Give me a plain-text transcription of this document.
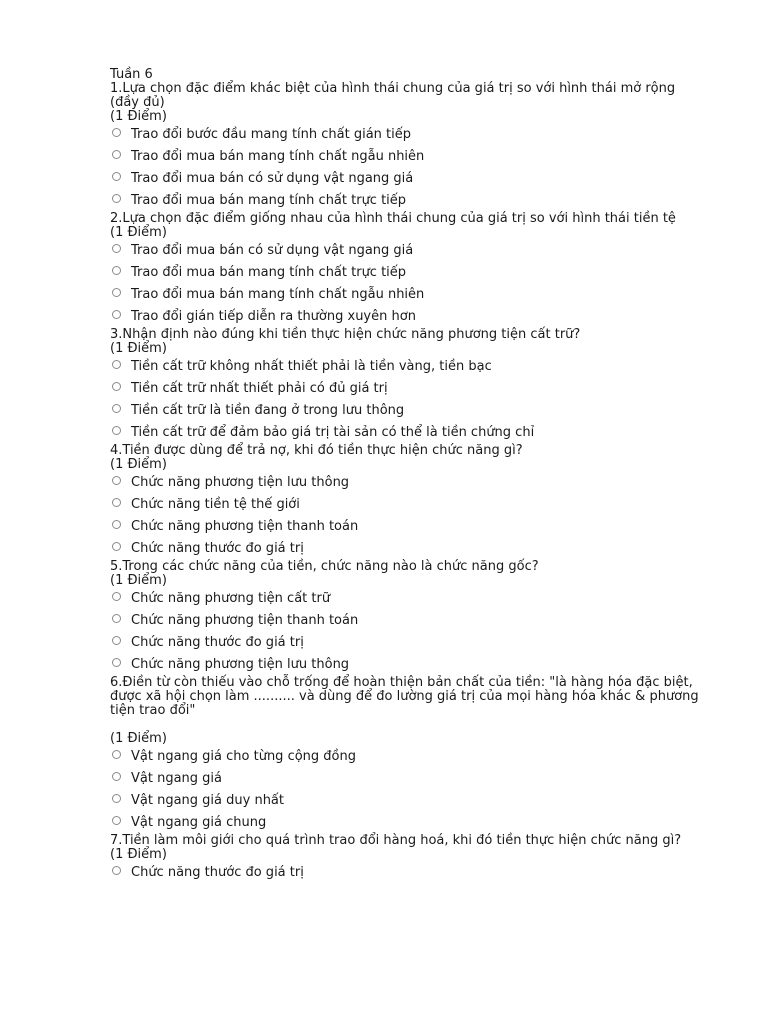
Tuần 6
1.Lựa chọn đặc điểm khác biệt của hình thái chung của giá trị so với hình thái mở rộng (đầy đủ)
(1 Điểm)
Trao đổi bước đầu mang tính chất gián tiếp
Trao đổi mua bán mang tính chất ngẫu nhiên
Trao đổi mua bán có sử dụng vật ngang giá
Trao đổi mua bán mang tính chất trực tiếp
2.Lựa chọn đặc điểm giống nhau của hình thái chung của giá trị so với hình thái tiền tệ
(1 Điểm)
Trao đổi mua bán có sử dụng vật ngang giá
Trao đổi mua bán mang tính chất trực tiếp
Trao đổi mua bán mang tính chất ngẫu nhiên
Trao đổi gián tiếp diễn ra thường xuyên hơn
3.Nhận định nào đúng khi tiền thực hiện chức năng phương tiện cất trữ?
(1 Điểm)
Tiền cất trữ không nhất thiết phải là tiền vàng, tiền bạc
Tiền cất trữ nhất thiết phải có đủ giá trị
Tiền cất trữ là tiền đang ở trong lưu thông
Tiền cất trữ để đảm bảo giá trị tài sản có thể là tiền chứng chỉ
4.Tiền được dùng để trả nợ, khi đó tiền thực hiện chức năng gì?
(1 Điểm)
Chức năng phương tiện lưu thông
Chức năng tiền tệ thế giới
Chức năng phương tiện thanh toán
Chức năng thước đo giá trị
5.Trong các chức năng của tiền, chức năng nào là chức năng gốc?
(1 Điểm)
Chức năng phương tiện cất trữ
Chức năng phương tiện thanh toán
Chức năng thước đo giá trị
Chức năng phương tiện lưu thông
6.Điền từ còn thiếu vào chỗ trống để hoàn thiện bản chất của tiền: "là hàng hóa đặc biệt, được xã hội chọn làm .......... và dùng để đo lường giá trị của mọi hàng hóa khác & phương tiện trao đổi"
(1 Điểm)
Vật ngang giá cho từng cộng đồng
Vật ngang giá
Vật ngang giá duy nhất
Vật ngang giá chung
7.Tiền làm môi giới cho quá trình trao đổi hàng hoá, khi đó tiền thực hiện chức năng gì?
(1 Điểm)
Chức năng thước đo giá trị
